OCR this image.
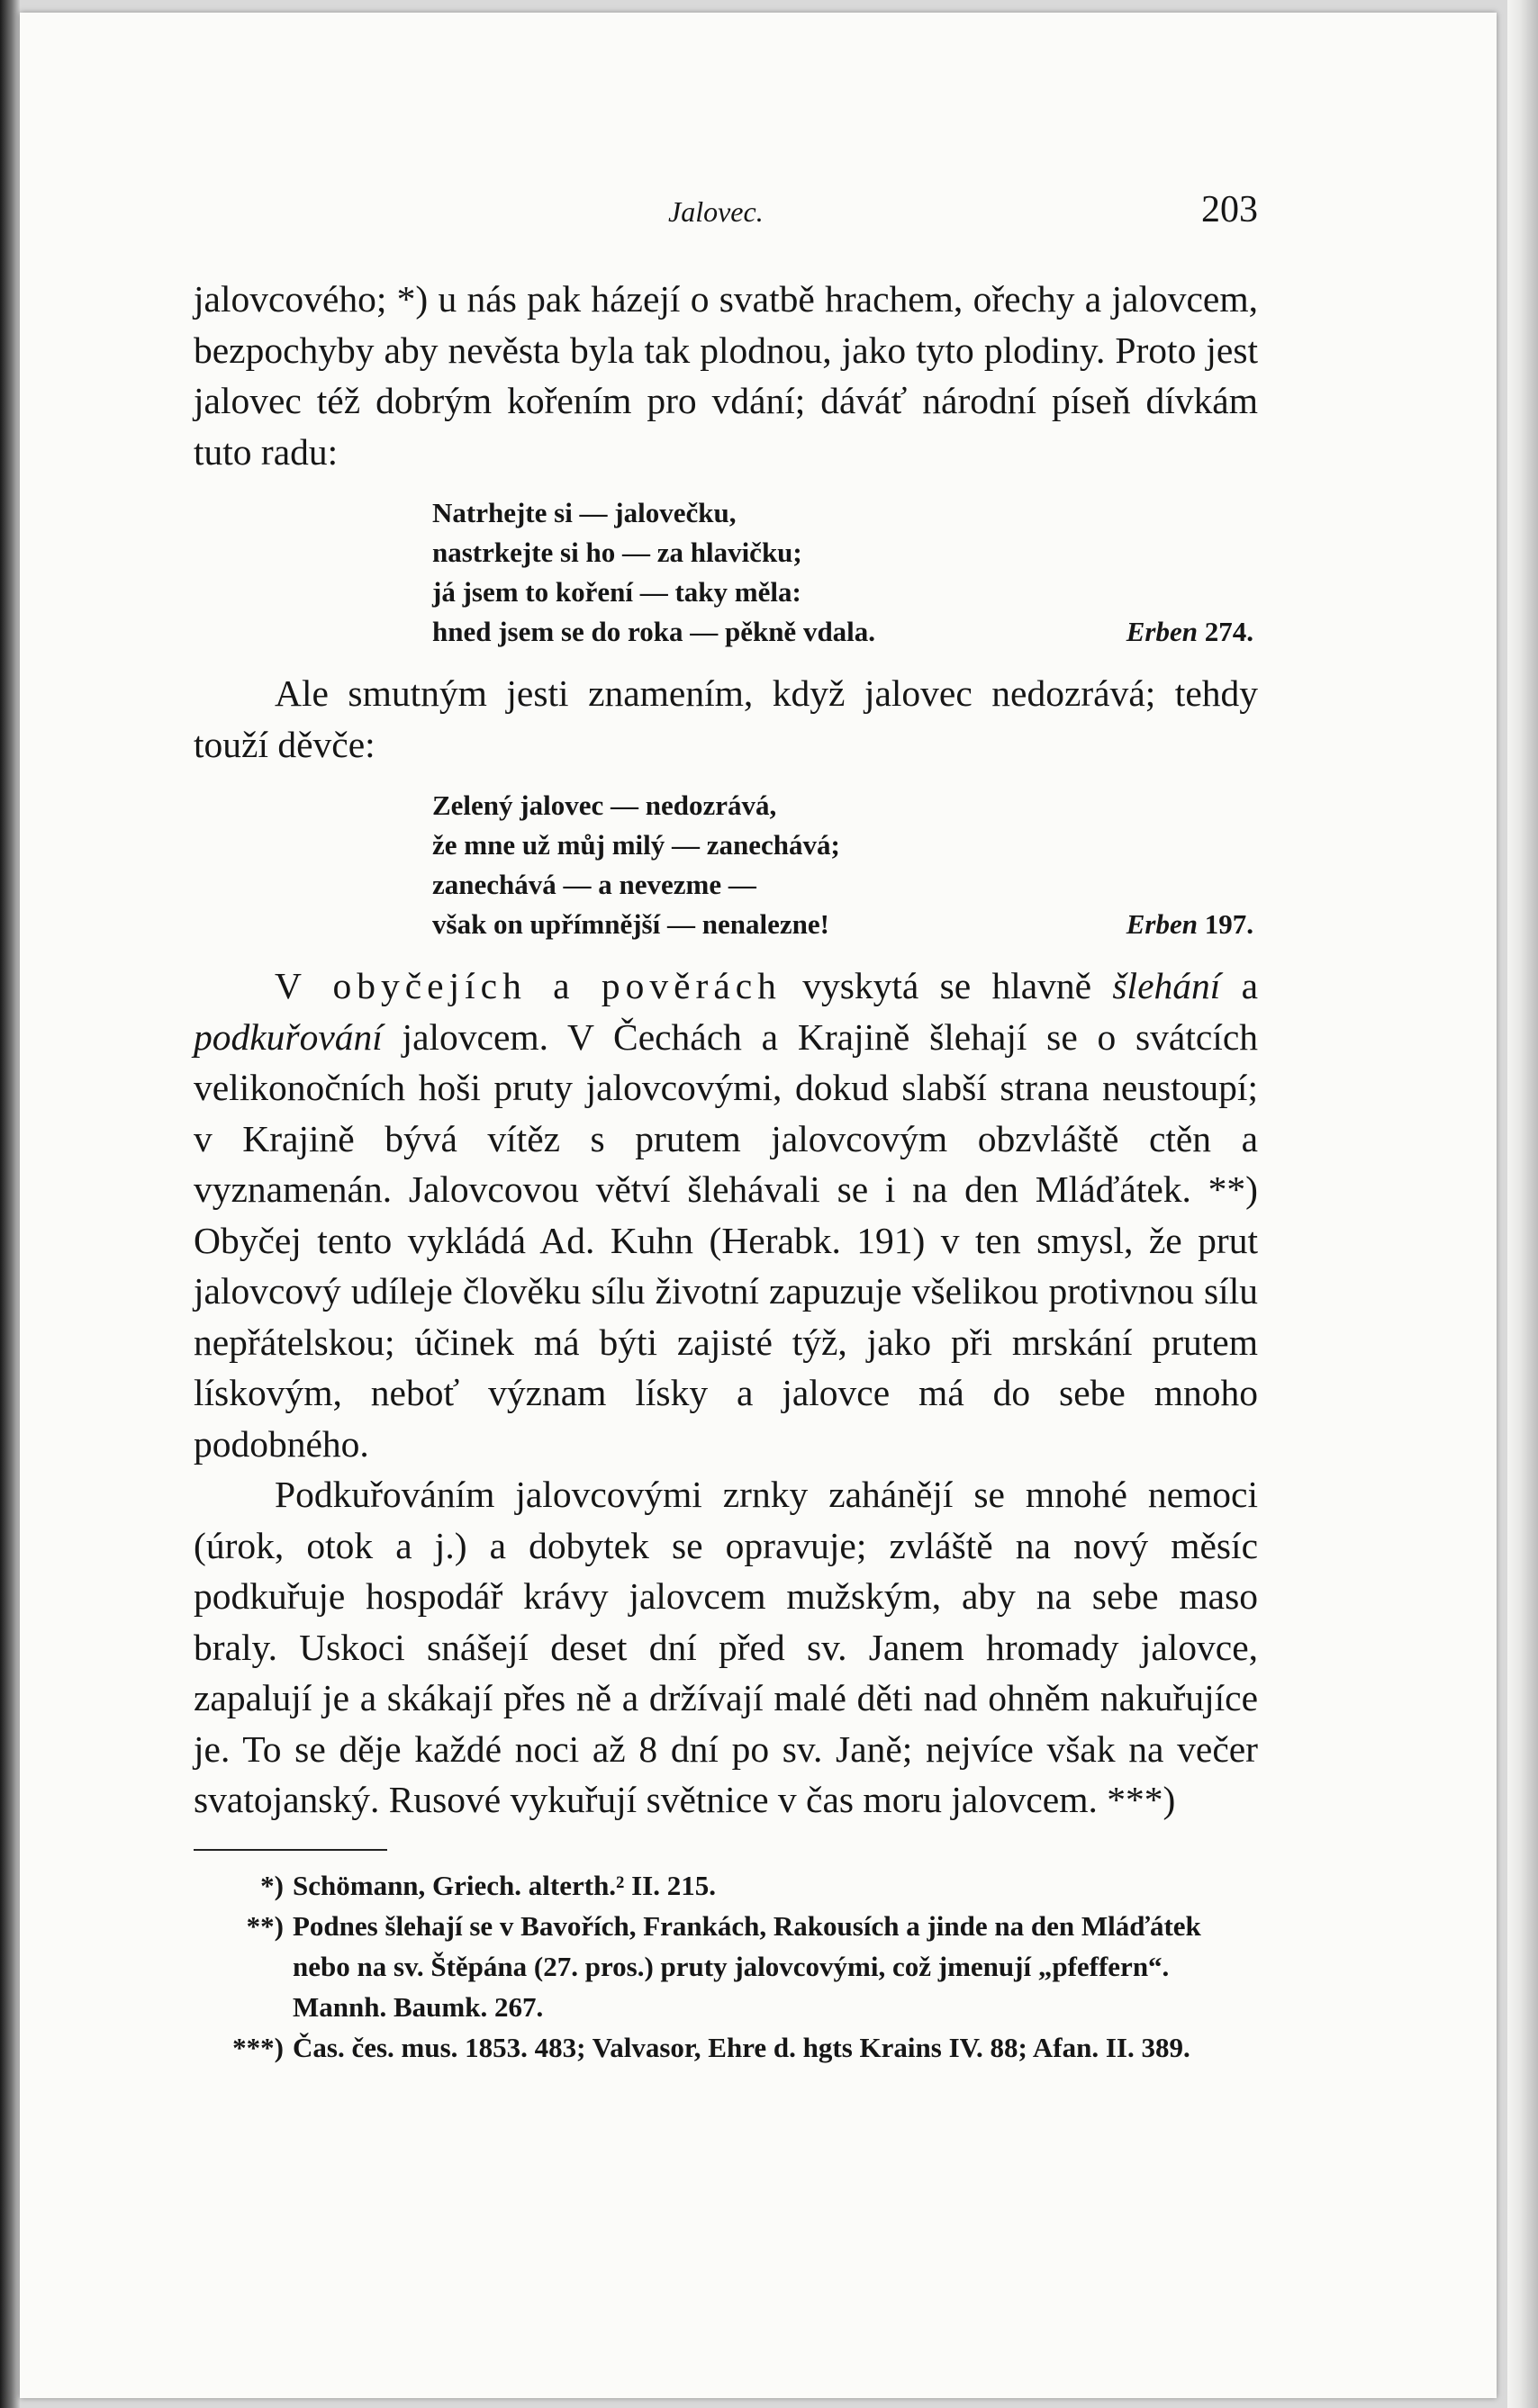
Jalovec.	203

jalovcového; *) u nás pak házejí o svatbě hrachem, ořechy a jalovcem, bezpochyby aby nevěsta byla tak plodnou, jako tyto plodiny. Proto jest jalovec též dobrým kořením pro vdání; dáváť národní píseň dívkám tuto radu:

Natrhejte si — jalovečku,
nastrkejte si ho — za hlavičku;
já jsem to koření — taky měla:
hned jsem se do roka — pěkně vdala.	Erben 274.

Ale smutným jesti znamením, když jalovec nedozrává; tehdy touží děvče:

Zelený jalovec — nedozrává,
že mne už můj milý — zanechává;
zanechává — a nevezme —
však on upřímnější — nenalezne!	Erben 197.

V obyčejích a pověrách vyskytá se hlavně šlehání a podkuřování jalovcem. V Čechách a Krajině šlehají se o svátcích velikonočních hoši pruty jalovcovými, dokud slabší strana neustoupí; v Krajině bývá vítěz s prutem jalovcovým obzvláště ctěn a vyznamenán. Jalovcovou větví šlehávali se i na den Mláďátek. **) Obyčej tento vykládá Ad. Kuhn (Herabk. 191) v ten smysl, že prut jalovcový udíleje člověku sílu životní zapuzuje všelikou protivnou sílu nepřátelskou; účinek má býti zajisté týž, jako při mrskání prutem lískovým, neboť význam lísky a jalovce má do sebe mnoho podobného.

Podkuřováním jalovcovými zrnky zahánějí se mnohé nemoci (úrok, otok a j.) a dobytek se opravuje; zvláště na nový měsíc podkuřuje hospodář krávy jalovcem mužským, aby na sebe maso braly. Uskoci snášejí deset dní před sv. Janem hromady jalovce, zapalují je a skákají přes ně a držívají malé děti nad ohněm nakuřujíce je. To se děje každé noci až 8 dní po sv. Janě; nejvíce však na večer svatojanský. Rusové vykuřují světnice v čas moru jalovcem. ***)

*) Schömann, Griech. alterth.² II. 215.
**) Podnes šlehají se v Bavořích, Frankách, Rakousích a jinde na den Mláďátek nebo na sv. Štěpána (27. pros.) pruty jalovcovými, což jmenují „pfeffern“. Mannh. Baumk. 267.
***) Čas. čes. mus. 1853. 483; Valvasor, Ehre d. hgts Krains IV. 88; Afan. II. 389.
